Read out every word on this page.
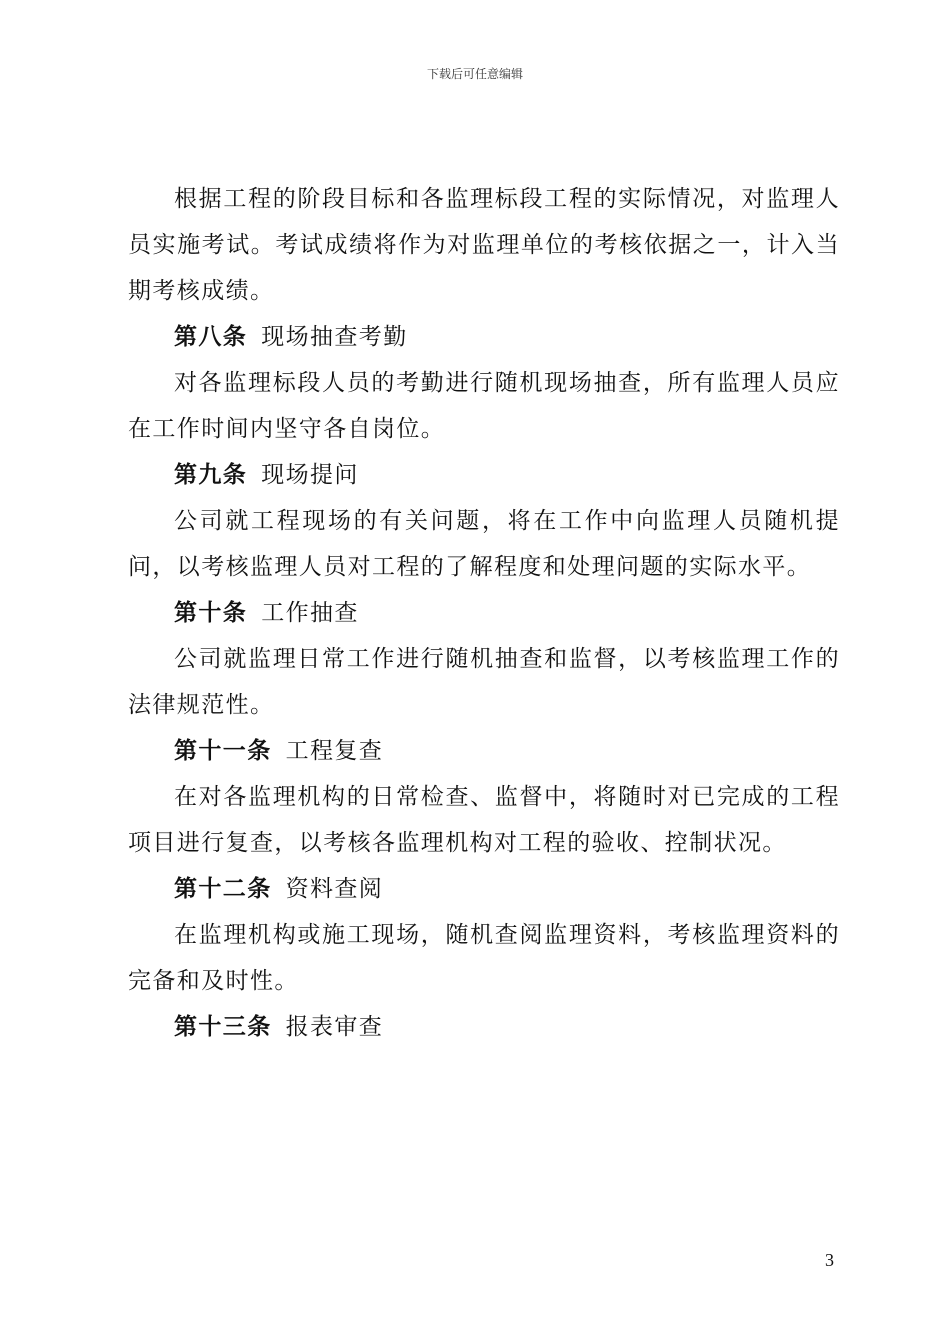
下载后可任意编辑

根据工程的阶段目标和各监理标段工程的实际情况，对监理人员实施考试。考试成绩将作为对监理单位的考核依据之一，计入当期考核成绩。

第八条 现场抽查考勤

对各监理标段人员的考勤进行随机现场抽查，所有监理人员应在工作时间内坚守各自岗位。

第九条 现场提问

公司就工程现场的有关问题，将在工作中向监理人员随机提问，以考核监理人员对工程的了解程度和处理问题的实际水平。

第十条 工作抽查

公司就监理日常工作进行随机抽查和监督，以考核监理工作的法律规范性。

第十一条 工程复查

在对各监理机构的日常检查、监督中，将随时对已完成的工程项目进行复查，以考核各监理机构对工程的验收、控制状况。

第十二条 资料查阅

在监理机构或施工现场，随机查阅监理资料，考核监理资料的完备和及时性。

第十三条 报表审查

3
